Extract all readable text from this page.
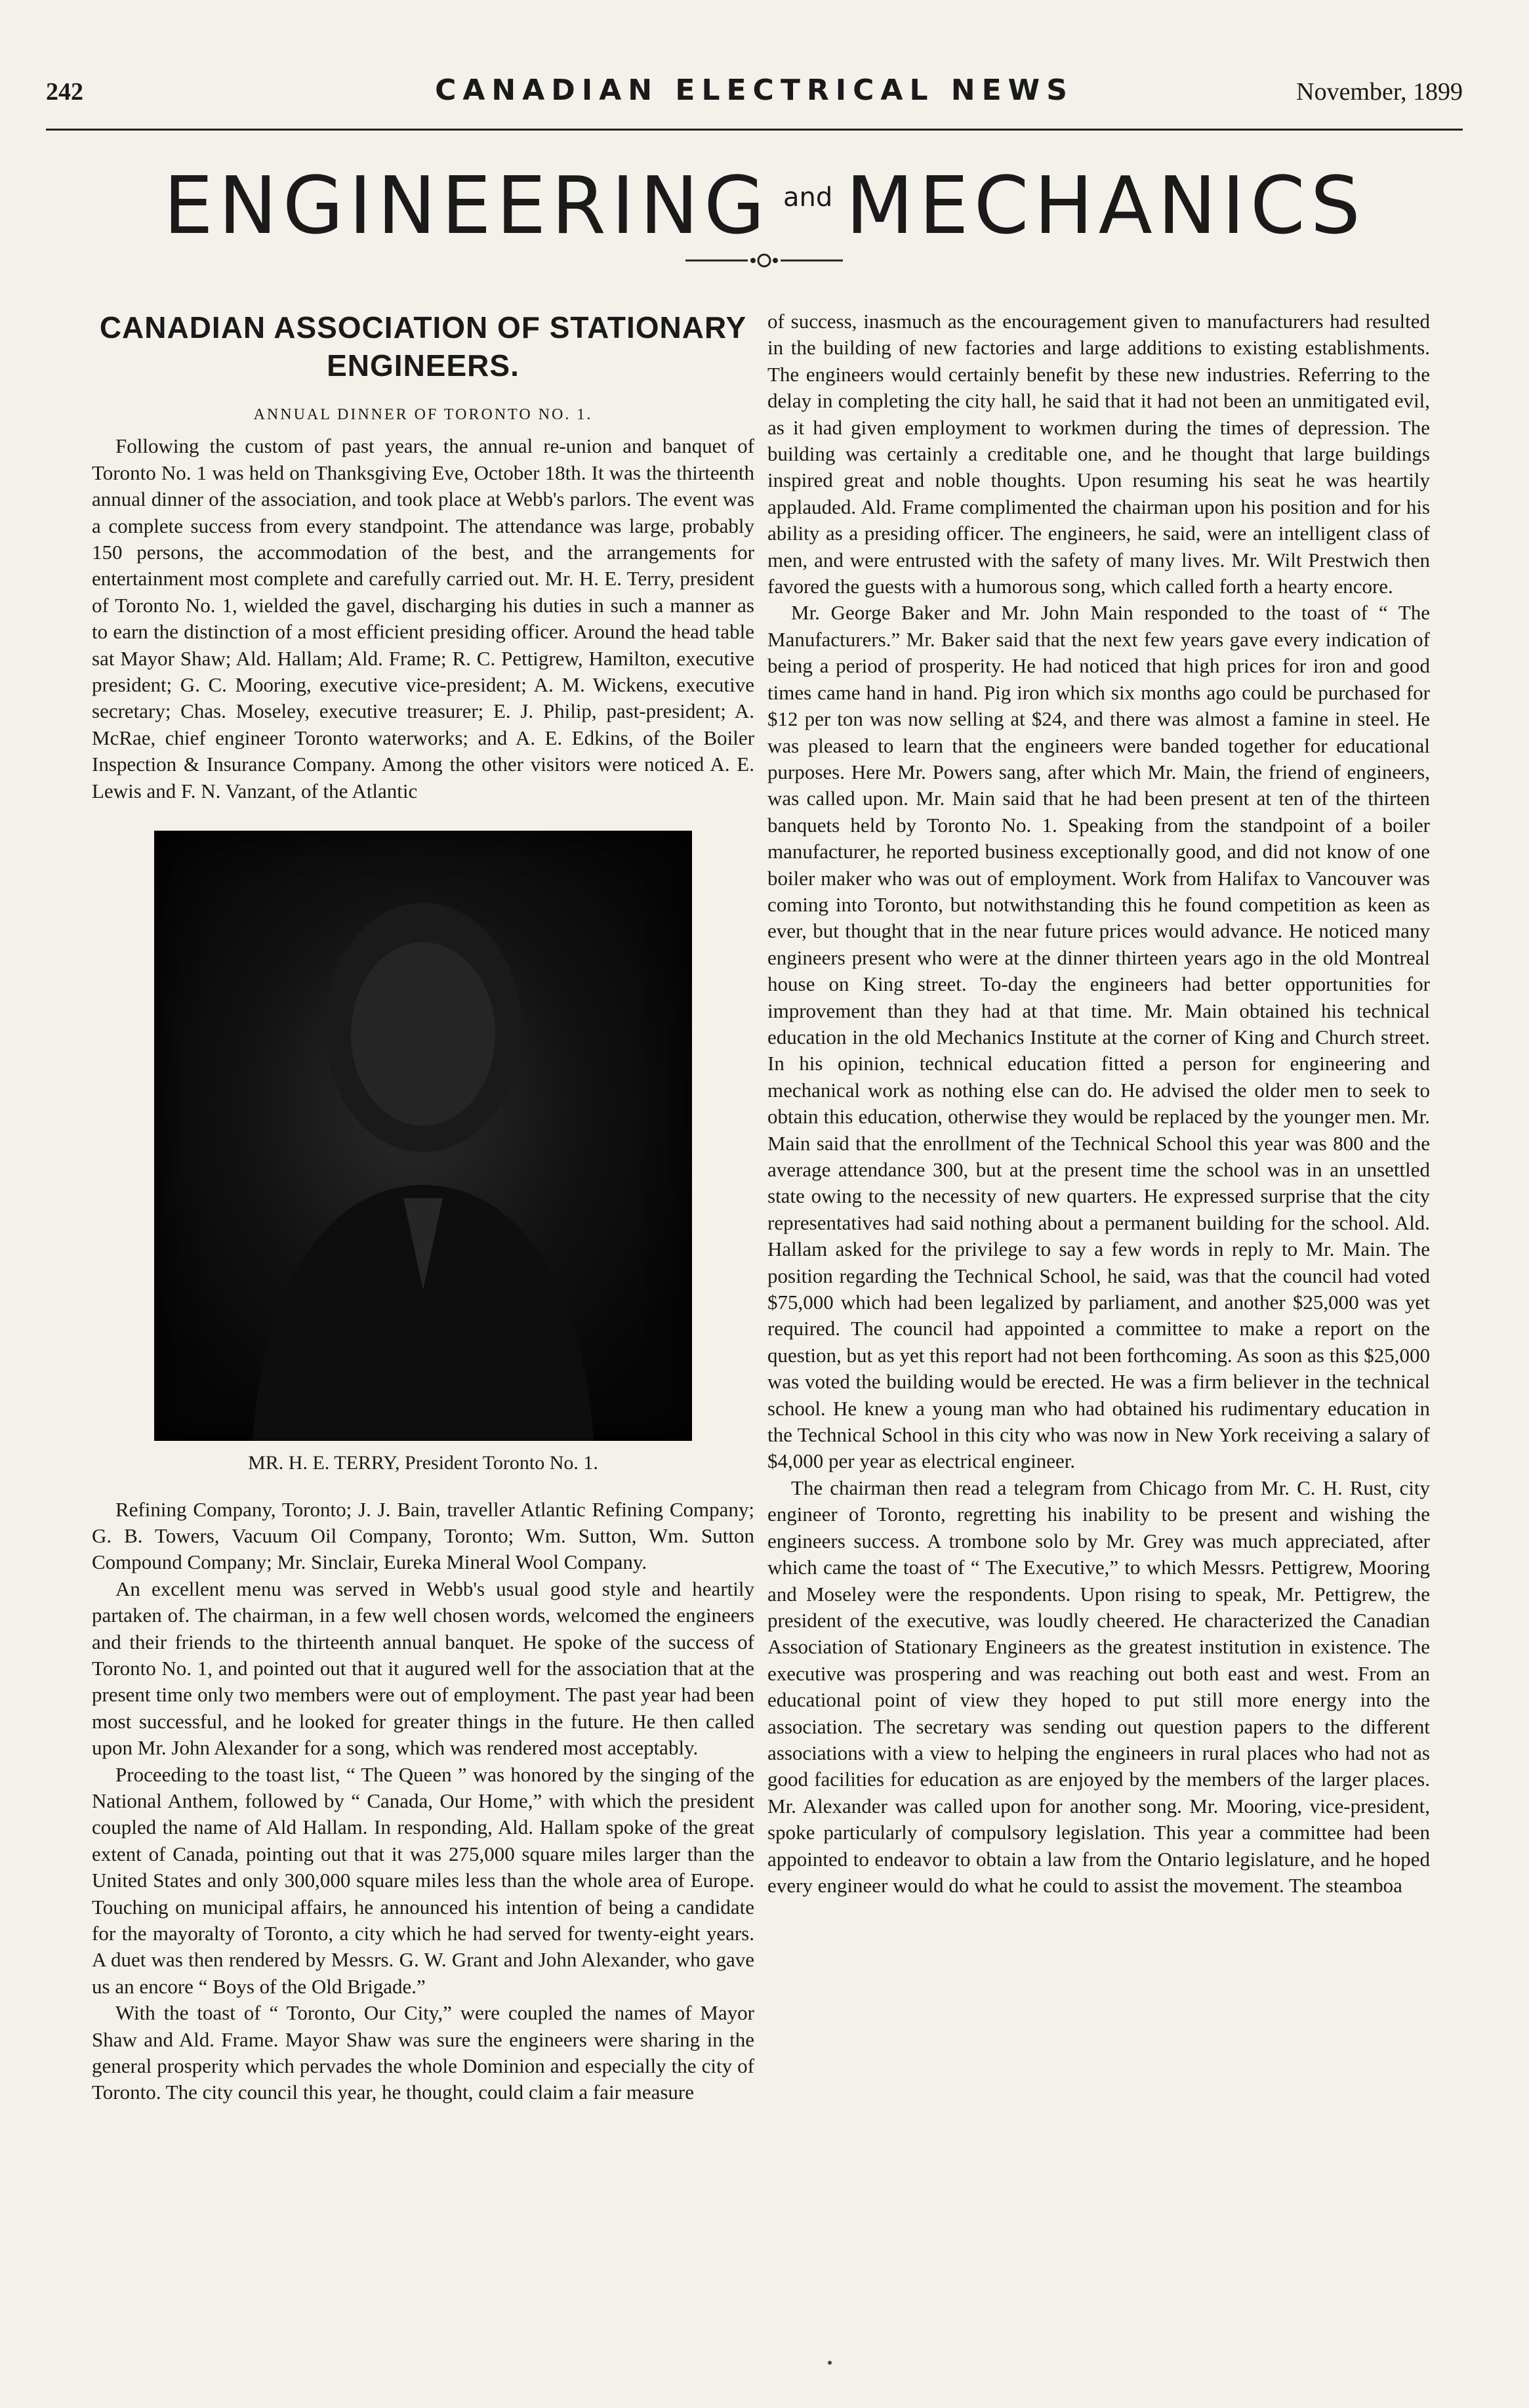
242	CANADIAN ELECTRICAL NEWS	November, 1899
ENGINEERING $^{and}$ MECHANICS
CANADIAN ASSOCIATION OF STATIONARY ENGINEERS.
ANNUAL DINNER OF TORONTO NO. 1.

Following the custom of past years, the annual re-union and banquet of Toronto No. 1 was held on Thanksgiving Eve, October 18th. It was the thirteenth annual dinner of the association, and took place at Webb's parlors. The event was a complete success from every standpoint. The attendance was large, probably 150 persons, the accommodation of the best, and the arrangements for entertainment most complete and carefully carried out. Mr. H. E. Terry, president of Toronto No. 1, wielded the gavel, discharging his duties in such a manner as to earn the distinction of a most efficient presiding officer. Around the head table sat Mayor Shaw; Ald. Hallam; Ald. Frame; R. C. Pettigrew, Hamilton, executive president; G. C. Mooring, executive vice-president; A. M. Wickens, executive secretary; Chas. Moseley, executive treasurer; E. J. Philip, past-president; A. McRae, chief engineer Toronto waterworks; and A. E. Edkins, of the Boiler Inspection & Insurance Company. Among the other visitors were noticed A. E. Lewis and F. N. Vanzant, of the Atlantic

MR. H. E. TERRY, President Toronto No. 1.

Refining Company, Toronto; J. J. Bain, traveller Atlantic Refining Company; G. B. Towers, Vacuum Oil Company, Toronto; Wm. Sutton, Wm. Sutton Compound Company; Mr. Sinclair, Eureka Mineral Wool Company.

An excellent menu was served in Webb's usual good style and heartily partaken of. The chairman, in a few well chosen words, welcomed the engineers and their friends to the thirteenth annual banquet. He spoke of the success of Toronto No. 1, and pointed out that it augured well for the association that at the present time only two members were out of employment. The past year had been most successful, and he looked for greater things in the future. He then called upon Mr. John Alexander for a song, which was rendered most acceptably.

Proceeding to the toast list, “ The Queen ” was honored by the singing of the National Anthem, followed by “ Canada, Our Home,” with which the president coupled the name of Ald Hallam. In responding, Ald. Hallam spoke of the great extent of Canada, pointing out that it was 275,000 square miles larger than the United States and only 300,000 square miles less than the whole area of Europe. Touching on municipal affairs, he announced his intention of being a candidate for the mayoralty of Toronto, a city which he had served for twenty-eight years. A duet was then rendered by Messrs. G. W. Grant and John Alexander, who gave us an encore “ Boys of the Old Brigade.”

With the toast of “ Toronto, Our City,” were coupled the names of Mayor Shaw and Ald. Frame. Mayor Shaw was sure the engineers were sharing in the general prosperity which pervades the whole Dominion and especially the city of Toronto. The city council this year, he thought, could claim a fair measure

of success, inasmuch as the encouragement given to manufacturers had resulted in the building of new factories and large additions to existing establishments. The engineers would certainly benefit by these new industries. Referring to the delay in completing the city hall, he said that it had not been an unmitigated evil, as it had given employment to workmen during the times of depression. The building was certainly a creditable one, and he thought that large buildings inspired great and noble thoughts. Upon resuming his seat he was heartily applauded. Ald. Frame complimented the chairman upon his position and for his ability as a presiding officer. The engineers, he said, were an intelligent class of men, and were entrusted with the safety of many lives. Mr. Wilt Prestwich then favored the guests with a humorous song, which called forth a hearty encore.

Mr. George Baker and Mr. John Main responded to the toast of “ The Manufacturers.” Mr. Baker said that the next few years gave every indication of being a period of prosperity. He had noticed that high prices for iron and good times came hand in hand. Pig iron which six months ago could be purchased for $12 per ton was now selling at $24, and there was almost a famine in steel. He was pleased to learn that the engineers were banded together for educational purposes. Here Mr. Powers sang, after which Mr. Main, the friend of engineers, was called upon. Mr. Main said that he had been present at ten of the thirteen banquets held by Toronto No. 1. Speaking from the standpoint of a boiler manufacturer, he reported business exceptionally good, and did not know of one boiler maker who was out of employment. Work from Halifax to Vancouver was coming into Toronto, but notwithstanding this he found competition as keen as ever, but thought that in the near future prices would advance. He noticed many engineers present who were at the dinner thirteen years ago in the old Montreal house on King street. To-day the engineers had better opportunities for improvement than they had at that time. Mr. Main obtained his technical education in the old Mechanics Institute at the corner of King and Church street. In his opinion, technical education fitted a person for engineering and mechanical work as nothing else can do. He advised the older men to seek to obtain this education, otherwise they would be replaced by the younger men. Mr. Main said that the enrollment of the Technical School this year was 800 and the average attendance 300, but at the present time the school was in an unsettled state owing to the necessity of new quarters. He expressed surprise that the city representatives had said nothing about a permanent building for the school. Ald. Hallam asked for the privilege to say a few words in reply to Mr. Main. The position regarding the Technical School, he said, was that the council had voted $75,000 which had been legalized by parliament, and another $25,000 was yet required. The council had appointed a committee to make a report on the question, but as yet this report had not been forthcoming. As soon as this $25,000 was voted the building would be erected. He was a firm believer in the technical school. He knew a young man who had obtained his rudimentary education in the Technical School in this city who was now in New York receiving a salary of $4,000 per year as electrical engineer.

The chairman then read a telegram from Chicago from Mr. C. H. Rust, city engineer of Toronto, regretting his inability to be present and wishing the engineers success. A trombone solo by Mr. Grey was much appreciated, after which came the toast of “ The Executive,” to which Messrs. Pettigrew, Mooring and Moseley were the respondents. Upon rising to speak, Mr. Pettigrew, the president of the executive, was loudly cheered. He characterized the Canadian Association of Stationary Engineers as the greatest institution in existence. The executive was prospering and was reaching out both east and west. From an educational point of view they hoped to put still more energy into the association. The secretary was sending out question papers to the different associations with a view to helping the engineers in rural places who had not as good facilities for education as are enjoyed by the members of the larger places. Mr. Alexander was called upon for another song. Mr. Mooring, vice-president, spoke particularly of compulsory legislation. This year a committee had been appointed to endeavor to obtain a law from the Ontario legislature, and he hoped every engineer would do what he could to assist the movement. The steamboa
